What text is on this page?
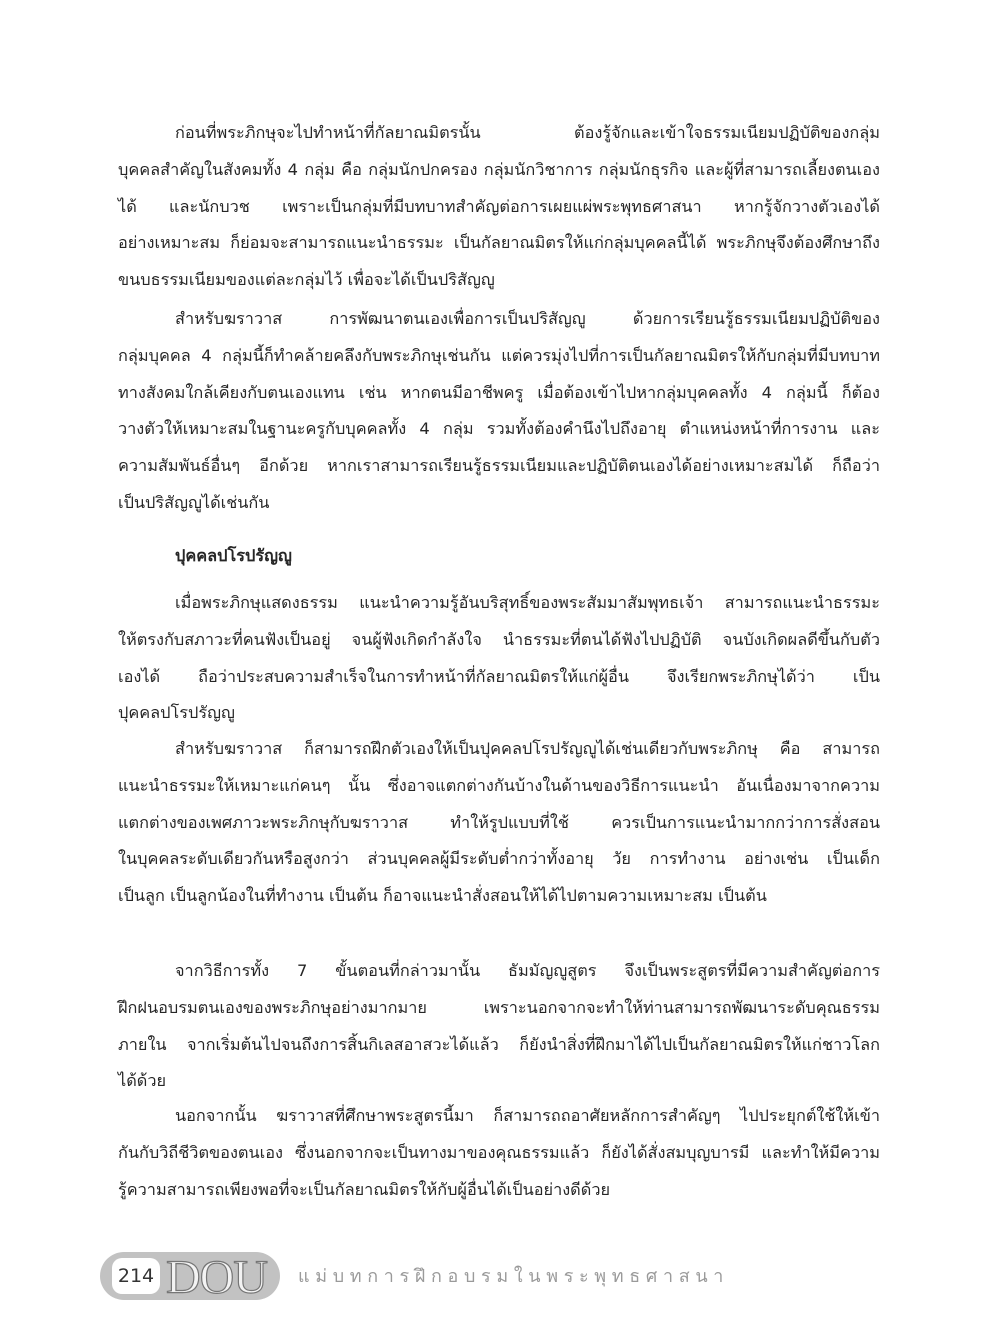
ก่อนที่พระภิกษุจะไปทำหน้าที่กัลยาณมิตรนั้น ต้องรู้จักและเข้าใจธรรมเนียมปฏิบัติของกลุ่ม
บุคคลสำคัญในสังคมทั้ง 4 กลุ่ม คือ กลุ่มนักปกครอง กลุ่มนักวิชาการ กลุ่มนักธุรกิจ และผู้ที่สามารถเลี้ยงตนเอง
ได้ และนักบวช เพราะเป็นกลุ่มที่มีบทบาทสำคัญต่อการเผยแผ่พระพุทธศาสนา หากรู้จักวางตัวเองได้
อย่างเหมาะสม ก็ย่อมจะสามารถแนะนำธรรมะ เป็นกัลยาณมิตรให้แก่กลุ่มบุคคลนี้ได้ พระภิกษุจึงต้องศึกษาถึง
ขนบธรรมเนียมของแต่ละกลุ่มไว้ เพื่อจะได้เป็นปริสัญญู
สำหรับฆราวาส การพัฒนาตนเองเพื่อการเป็นปริสัญญู ด้วยการเรียนรู้ธรรมเนียมปฏิบัติของ
กลุ่มบุคคล 4 กลุ่มนี้ก็ทำคล้ายคลึงกับพระภิกษุเช่นกัน แต่ควรมุ่งไปที่การเป็นกัลยาณมิตรให้กับกลุ่มที่มีบทบาท
ทางสังคมใกล้เคียงกับตนเองแทน เช่น หากตนมีอาชีพครู เมื่อต้องเข้าไปหากลุ่มบุคคลทั้ง 4 กลุ่มนี้ ก็ต้อง
วางตัวให้เหมาะสมในฐานะครูกับบุคคลทั้ง 4 กลุ่ม รวมทั้งต้องคำนึงไปถึงอายุ ตำแหน่งหน้าที่การงาน และ
ความสัมพันธ์อื่นๆ อีกด้วย หากเราสามารถเรียนรู้ธรรมเนียมและปฏิบัติตนเองได้อย่างเหมาะสมได้ ก็ถือว่า
เป็นปริสัญญูได้เช่นกัน
ปุคคลปโรปรัญญู
เมื่อพระภิกษุแสดงธรรม แนะนำความรู้อันบริสุทธิ์ของพระสัมมาสัมพุทธเจ้า สามารถแนะนำธรรมะ
ให้ตรงกับสภาวะที่คนฟังเป็นอยู่ จนผู้ฟังเกิดกำลังใจ นำธรรมะที่ตนได้ฟังไปปฏิบัติ จนบังเกิดผลดีขึ้นกับตัว
เองได้ ถือว่าประสบความสำเร็จในการทำหน้าที่กัลยาณมิตรให้แก่ผู้อื่น จึงเรียกพระภิกษุได้ว่า เป็น
ปุคคลปโรปรัญญู
สำหรับฆราวาส ก็สามารถฝึกตัวเองให้เป็นปุคคลปโรปรัญญูได้เช่นเดียวกับพระภิกษุ คือ สามารถ
แนะนำธรรมะให้เหมาะแก่คนๆ นั้น ซึ่งอาจแตกต่างกันบ้างในด้านของวิธีการแนะนำ อันเนื่องมาจากความ
แตกต่างของเพศภาวะพระภิกษุกับฆราวาส ทำให้รูปแบบที่ใช้ ควรเป็นการแนะนำมากกว่าการสั่งสอน
ในบุคคลระดับเดียวกันหรือสูงกว่า ส่วนบุคคลผู้มีระดับต่ำกว่าทั้งอายุ วัย การทำงาน อย่างเช่น เป็นเด็ก
เป็นลูก เป็นลูกน้องในที่ทำงาน เป็นต้น ก็อาจแนะนำสั่งสอนให้ได้ไปตามความเหมาะสม เป็นต้น
จากวิธีการทั้ง 7 ขั้นตอนที่กล่าวมานั้น ธัมมัญญูสูตร จึงเป็นพระสูตรที่มีความสำคัญต่อการ
ฝึกฝนอบรมตนเองของพระภิกษุอย่างมากมาย เพราะนอกจากจะทำให้ท่านสามารถพัฒนาระดับคุณธรรม
ภายใน จากเริ่มต้นไปจนถึงการสิ้นกิเลสอาสวะได้แล้ว ก็ยังนำสิ่งที่ฝึกมาได้ไปเป็นกัลยาณมิตรให้แก่ชาวโลก
ได้ด้วย
นอกจากนั้น ฆราวาสที่ศึกษาพระสูตรนี้มา ก็สามารถถอาศัยหลักการสำคัญๆ ไปประยุกต์ใช้ให้เข้า
กันกับวิถีชีวิตของตนเอง ซึ่งนอกจากจะเป็นทางมาของคุณธรรมแล้ว ก็ยังได้สั่งสมบุญบารมี และทำให้มีความ
รู้ความสามารถเพียงพอที่จะเป็นกัลยาณมิตรให้กับผู้อื่นได้เป็นอย่างดีด้วย
214 DOU แม่บทการฝึกอบรมในพระพุทธศาสนา
